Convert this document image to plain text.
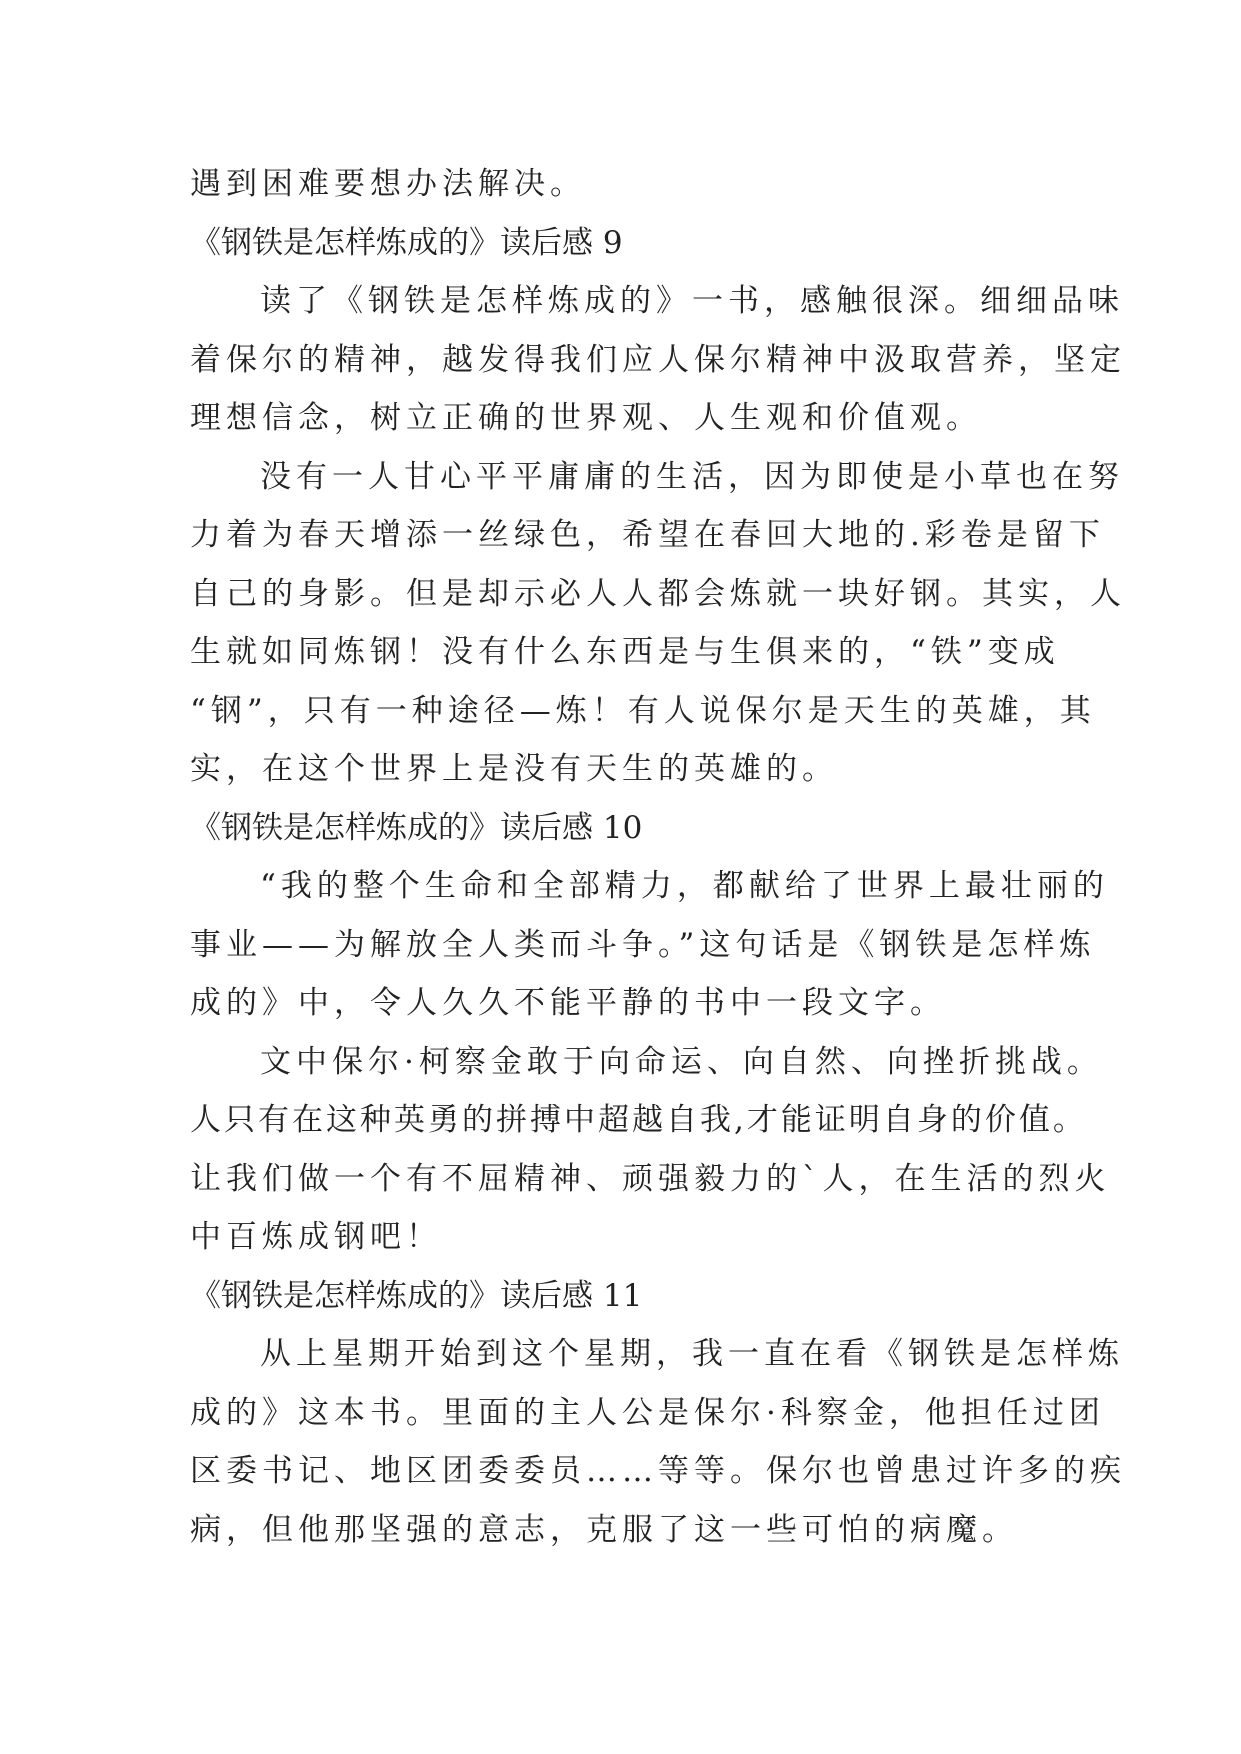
遇到困难要想办法解决。
《钢铁是怎样炼成的》读后感 9
读了《钢铁是怎样炼成的》一书，感触很深。细细品味
着保尔的精神，越发得我们应人保尔精神中汲取营养，坚定
理想信念，树立正确的世界观、人生观和价值观。
没有一人甘心平平庸庸的生活，因为即使是小草也在努
力着为春天增添一丝绿色，希望在春回大地的.彩卷是留下
自己的身影。但是却示必人人都会炼就一块好钢。其实，人
生就如同炼钢！没有什么东西是与生俱来的，“铁”变成
“钢”，只有一种途径—炼！有人说保尔是天生的英雄，其
实，在这个世界上是没有天生的英雄的。
《钢铁是怎样炼成的》读后感 10
“我的整个生命和全部精力，都献给了世界上最壮丽的
事业——为解放全人类而斗争。”这句话是《钢铁是怎样炼
成的》中，令人久久不能平静的书中一段文字。
文中保尔·柯察金敢于向命运、向自然、向挫折挑战。
人只有在这种英勇的拼搏中超越自我,才能证明自身的价值。
让我们做一个有不屈精神、顽强毅力的`人，在生活的烈火
中百炼成钢吧！
《钢铁是怎样炼成的》读后感 11
从上星期开始到这个星期，我一直在看《钢铁是怎样炼
成的》这本书。里面的主人公是保尔·科察金，他担任过团
区委书记、地区团委委员……等等。保尔也曾患过许多的疾
病，但他那坚强的意志，克服了这一些可怕的病魔。
